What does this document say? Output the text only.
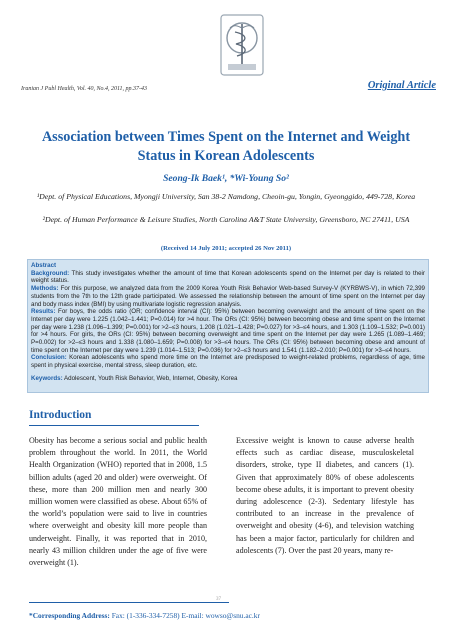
Iranian J Publ Health, Vol. 40, No.4, 2011, pp.37-43	Original Article
Association between Times Spent on the Internet and Weight
Status in Korean Adolescents
Seong-Ik Baek¹, *Wi-Young So²
¹Dept. of Physical Educations, Myongji University, San 38-2 Namdong, Cheoin-gu, Yongin, Gyeonggido, 449-728, Korea
²Dept. of Human Performance & Leisure Studies, North Carolina A&T State University, Greensboro, NC 27411, USA
(Received 14 July 2011; accepted 26 Nov 2011)
Abstract
Background: This study investigates whether the amount of time that Korean adolescents spend on the Internet per day is related to their weight status.
Methods: For this purpose, we analyzed data from the 2009 Korea Youth Risk Behavior Web-based Survey-V (KYRBWS-V), in which 72,399 students from the 7th to the 12th grade participated. We assessed the relationship between the amount of time spent on the Internet per day and body mass index (BMI) by using multivariate logistic regression analysis.
Results: For boys, the odds ratio (OR; confidence interval (CI): 95%) between becoming overweight and the amount of time spent on the Internet per day were 1.225 (1.042–1.441; P=0.014) for >4 hour. The ORs (CI: 95%) between becoming obese and time spent on the Internet per day were 1.238 (1.096–1.399; P=0.001) for >2–≤3 hours, 1.208 (1.021–1.428; P=0.027) for >3–≤4 hours, and 1.303 (1.109–1.532; P=0.001) for >4 hours. For girls, the ORs (CI: 95%) between becoming overweight and time spent on the Internet per day were 1.265 (1.089–1.469; P=0.002) for >2–≤3 hours and 1.338 (1.080–1.659; P=0.008) for >3–≤4 hours. The ORs (CI: 95%) between becoming obese and amount of time spent on the Internet per day were 1.239 (1.014–1.513; P=0.036) for >2–≤3 hours and 1.541 (1.182–2.010; P=0.001) for >3–≤4 hours.
Conclusion: Korean adolescents who spend more time on the Internet are predisposed to weight-related problems, regardless of age, time spent in physical exercise, mental stress, sleep duration, etc.
Keywords: Adolescent, Youth Risk Behavior, Web, Internet, Obesity, Korea
Introduction
Obesity has become a serious social and public health problem throughout the world. In 2011, the World Health Organization (WHO) reported that in 2008, 1.5 billion adults (aged 20 and older) were overweight. Of these, more than 200 million men and nearly 300 million women were classified as obese. About 65% of the world’s population were said to live in countries where overweight and obesity kill more people than underweight. Finally, it was reported that in 2010, nearly 43 million children under the age of five were overweight (1).
Excessive weight is known to cause adverse health effects such as cardiac disease, musculoskeletal disorders, stroke, type II diabetes, and cancers (1). Given that approximately 80% of obese adolescents become obese adults, it is important to prevent obesity during adolescence (2-3). Sedentary lifestyle has contributed to an increase in the prevalence of overweight and obesity (4-6), and television watching has been a major factor, particularly for children and adolescents (7). Over the past 20 years, many re-
37
*Corresponding Address: Fax: (1-336-334-7258) E-mail: wowso@snu.ac.kr
